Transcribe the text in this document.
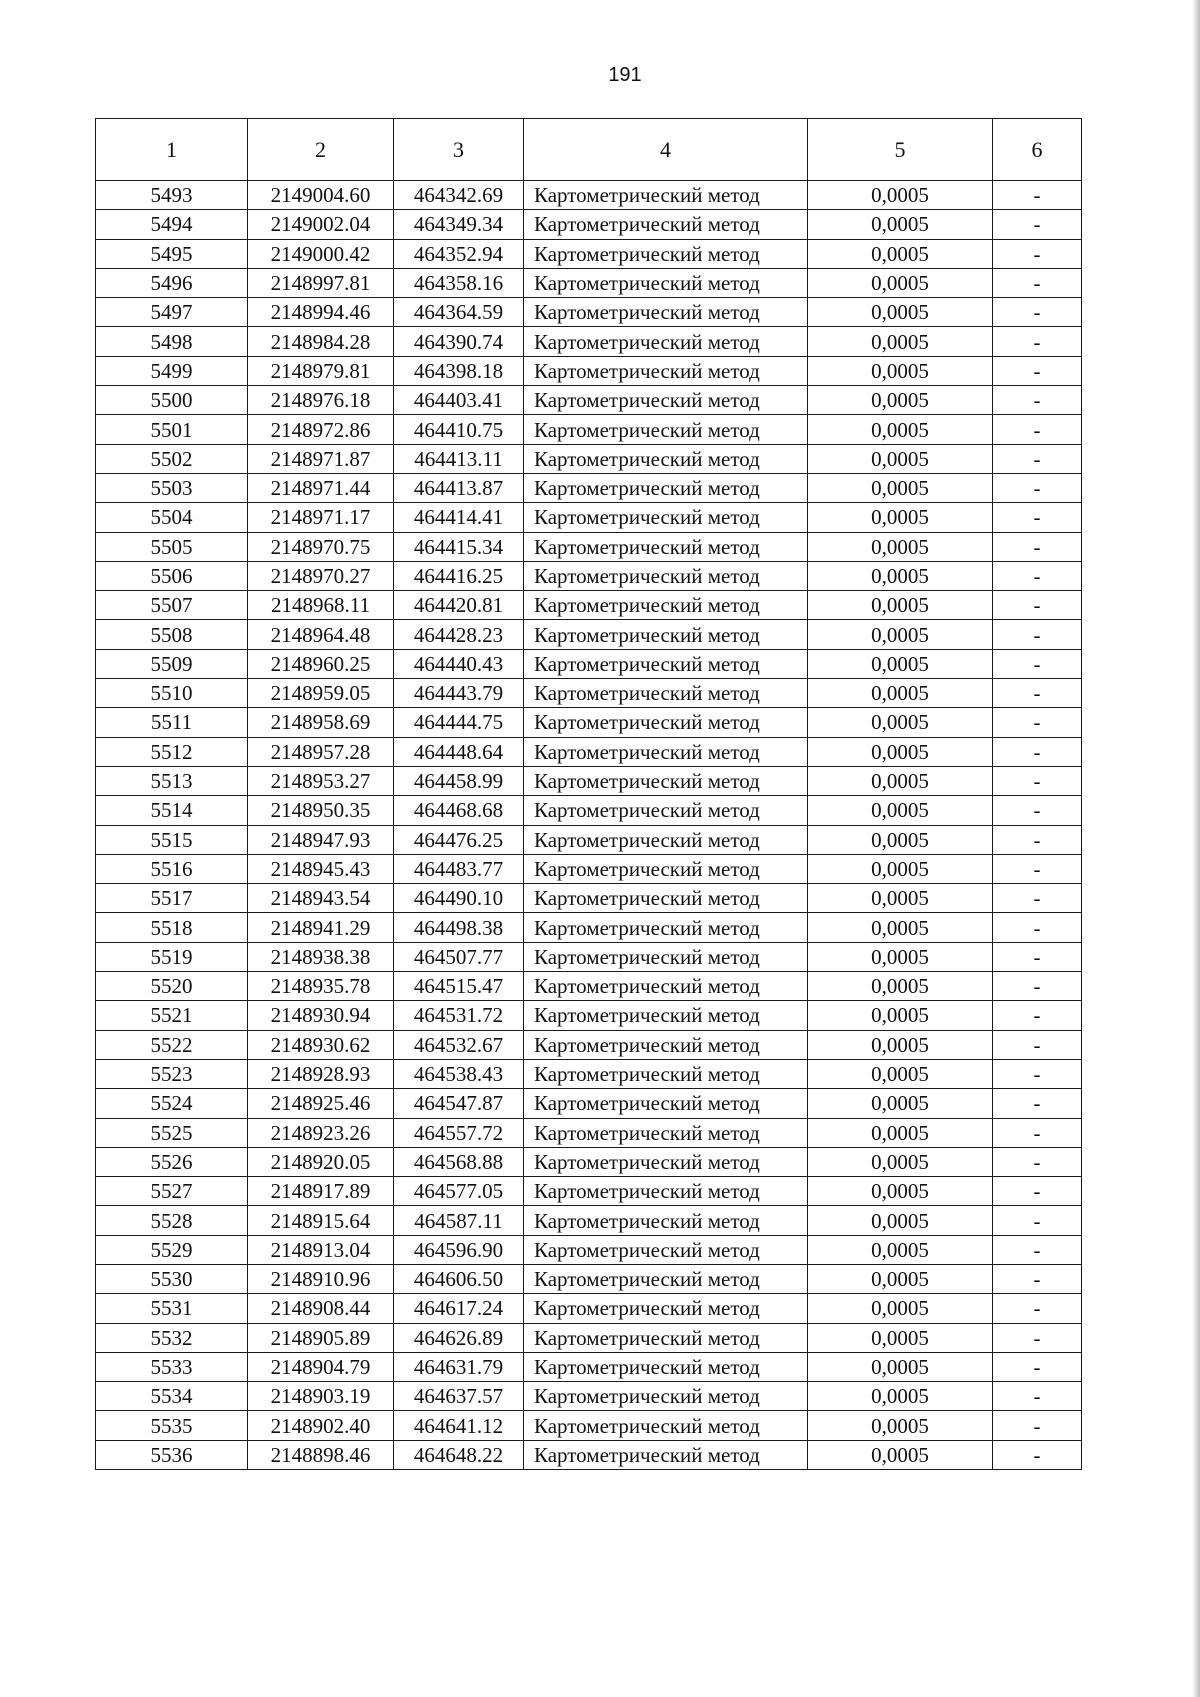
191
1	2	3	4	5	6
5493	2149004.60	464342.69	Картометрический метод	0,0005	-
5494	2149002.04	464349.34	Картометрический метод	0,0005	-
5495	2149000.42	464352.94	Картометрический метод	0,0005	-
5496	2148997.81	464358.16	Картометрический метод	0,0005	-
5497	2148994.46	464364.59	Картометрический метод	0,0005	-
5498	2148984.28	464390.74	Картометрический метод	0,0005	-
5499	2148979.81	464398.18	Картометрический метод	0,0005	-
5500	2148976.18	464403.41	Картометрический метод	0,0005	-
5501	2148972.86	464410.75	Картометрический метод	0,0005	-
5502	2148971.87	464413.11	Картометрический метод	0,0005	-
5503	2148971.44	464413.87	Картометрический метод	0,0005	-
5504	2148971.17	464414.41	Картометрический метод	0,0005	-
5505	2148970.75	464415.34	Картометрический метод	0,0005	-
5506	2148970.27	464416.25	Картометрический метод	0,0005	-
5507	2148968.11	464420.81	Картометрический метод	0,0005	-
5508	2148964.48	464428.23	Картометрический метод	0,0005	-
5509	2148960.25	464440.43	Картометрический метод	0,0005	-
5510	2148959.05	464443.79	Картометрический метод	0,0005	-
5511	2148958.69	464444.75	Картометрический метод	0,0005	-
5512	2148957.28	464448.64	Картометрический метод	0,0005	-
5513	2148953.27	464458.99	Картометрический метод	0,0005	-
5514	2148950.35	464468.68	Картометрический метод	0,0005	-
5515	2148947.93	464476.25	Картометрический метод	0,0005	-
5516	2148945.43	464483.77	Картометрический метод	0,0005	-
5517	2148943.54	464490.10	Картометрический метод	0,0005	-
5518	2148941.29	464498.38	Картометрический метод	0,0005	-
5519	2148938.38	464507.77	Картометрический метод	0,0005	-
5520	2148935.78	464515.47	Картометрический метод	0,0005	-
5521	2148930.94	464531.72	Картометрический метод	0,0005	-
5522	2148930.62	464532.67	Картометрический метод	0,0005	-
5523	2148928.93	464538.43	Картометрический метод	0,0005	-
5524	2148925.46	464547.87	Картометрический метод	0,0005	-
5525	2148923.26	464557.72	Картометрический метод	0,0005	-
5526	2148920.05	464568.88	Картометрический метод	0,0005	-
5527	2148917.89	464577.05	Картометрический метод	0,0005	-
5528	2148915.64	464587.11	Картометрический метод	0,0005	-
5529	2148913.04	464596.90	Картометрический метод	0,0005	-
5530	2148910.96	464606.50	Картометрический метод	0,0005	-
5531	2148908.44	464617.24	Картометрический метод	0,0005	-
5532	2148905.89	464626.89	Картометрический метод	0,0005	-
5533	2148904.79	464631.79	Картометрический метод	0,0005	-
5534	2148903.19	464637.57	Картометрический метод	0,0005	-
5535	2148902.40	464641.12	Картометрический метод	0,0005	-
5536	2148898.46	464648.22	Картометрический метод	0,0005	-
